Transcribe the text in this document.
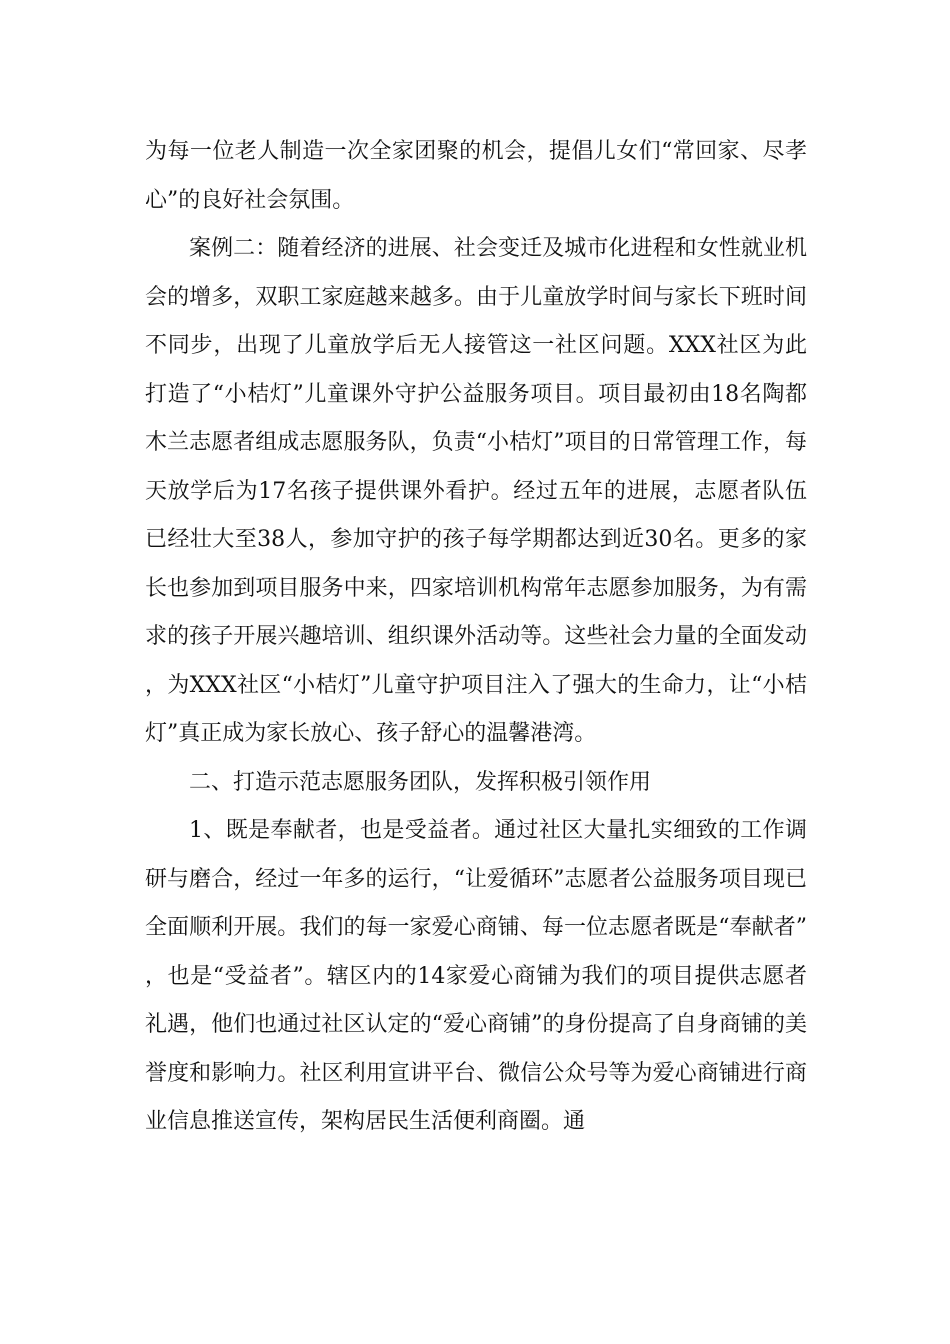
为每一位老人制造一次全家团聚的机会，提倡儿女们“常回家、尽孝心”的良好社会氛围。

案例二：随着经济的进展、社会变迁及城市化进程和女性就业机会的增多，双职工家庭越来越多。由于儿童放学时间与家长下班时间不同步，出现了儿童放学后无人接管这一社区问题。XXX社区为此打造了“小桔灯”儿童课外守护公益服务项目。项目最初由18名陶都木兰志愿者组成志愿服务队，负责“小桔灯”项目的日常管理工作，每天放学后为17名孩子提供课外看护。经过五年的进展，志愿者队伍已经壮大至38人，参加守护的孩子每学期都达到近30名。更多的家长也参加到项目服务中来，四家培训机构常年志愿参加服务，为有需求的孩子开展兴趣培训、组织课外活动等。这些社会力量的全面发动，为XXX社区“小桔灯”儿童守护项目注入了强大的生命力，让“小桔灯”真正成为家长放心、孩子舒心的温馨港湾。

二、打造示范志愿服务团队，发挥积极引领作用

1、既是奉献者，也是受益者。通过社区大量扎实细致的工作调研与磨合，经过一年多的运行，“让爱循环”志愿者公益服务项目现已全面顺利开展。我们的每一家爱心商铺、每一位志愿者既是“奉献者”，也是“受益者”。辖区内的14家爱心商铺为我们的项目提供志愿者礼遇，他们也通过社区认定的“爱心商铺”的身份提高了自身商铺的美誉度和影响力。社区利用宣讲平台、微信公众号等为爱心商铺进行商业信息推送宣传，架构居民生活便利商圈。通
